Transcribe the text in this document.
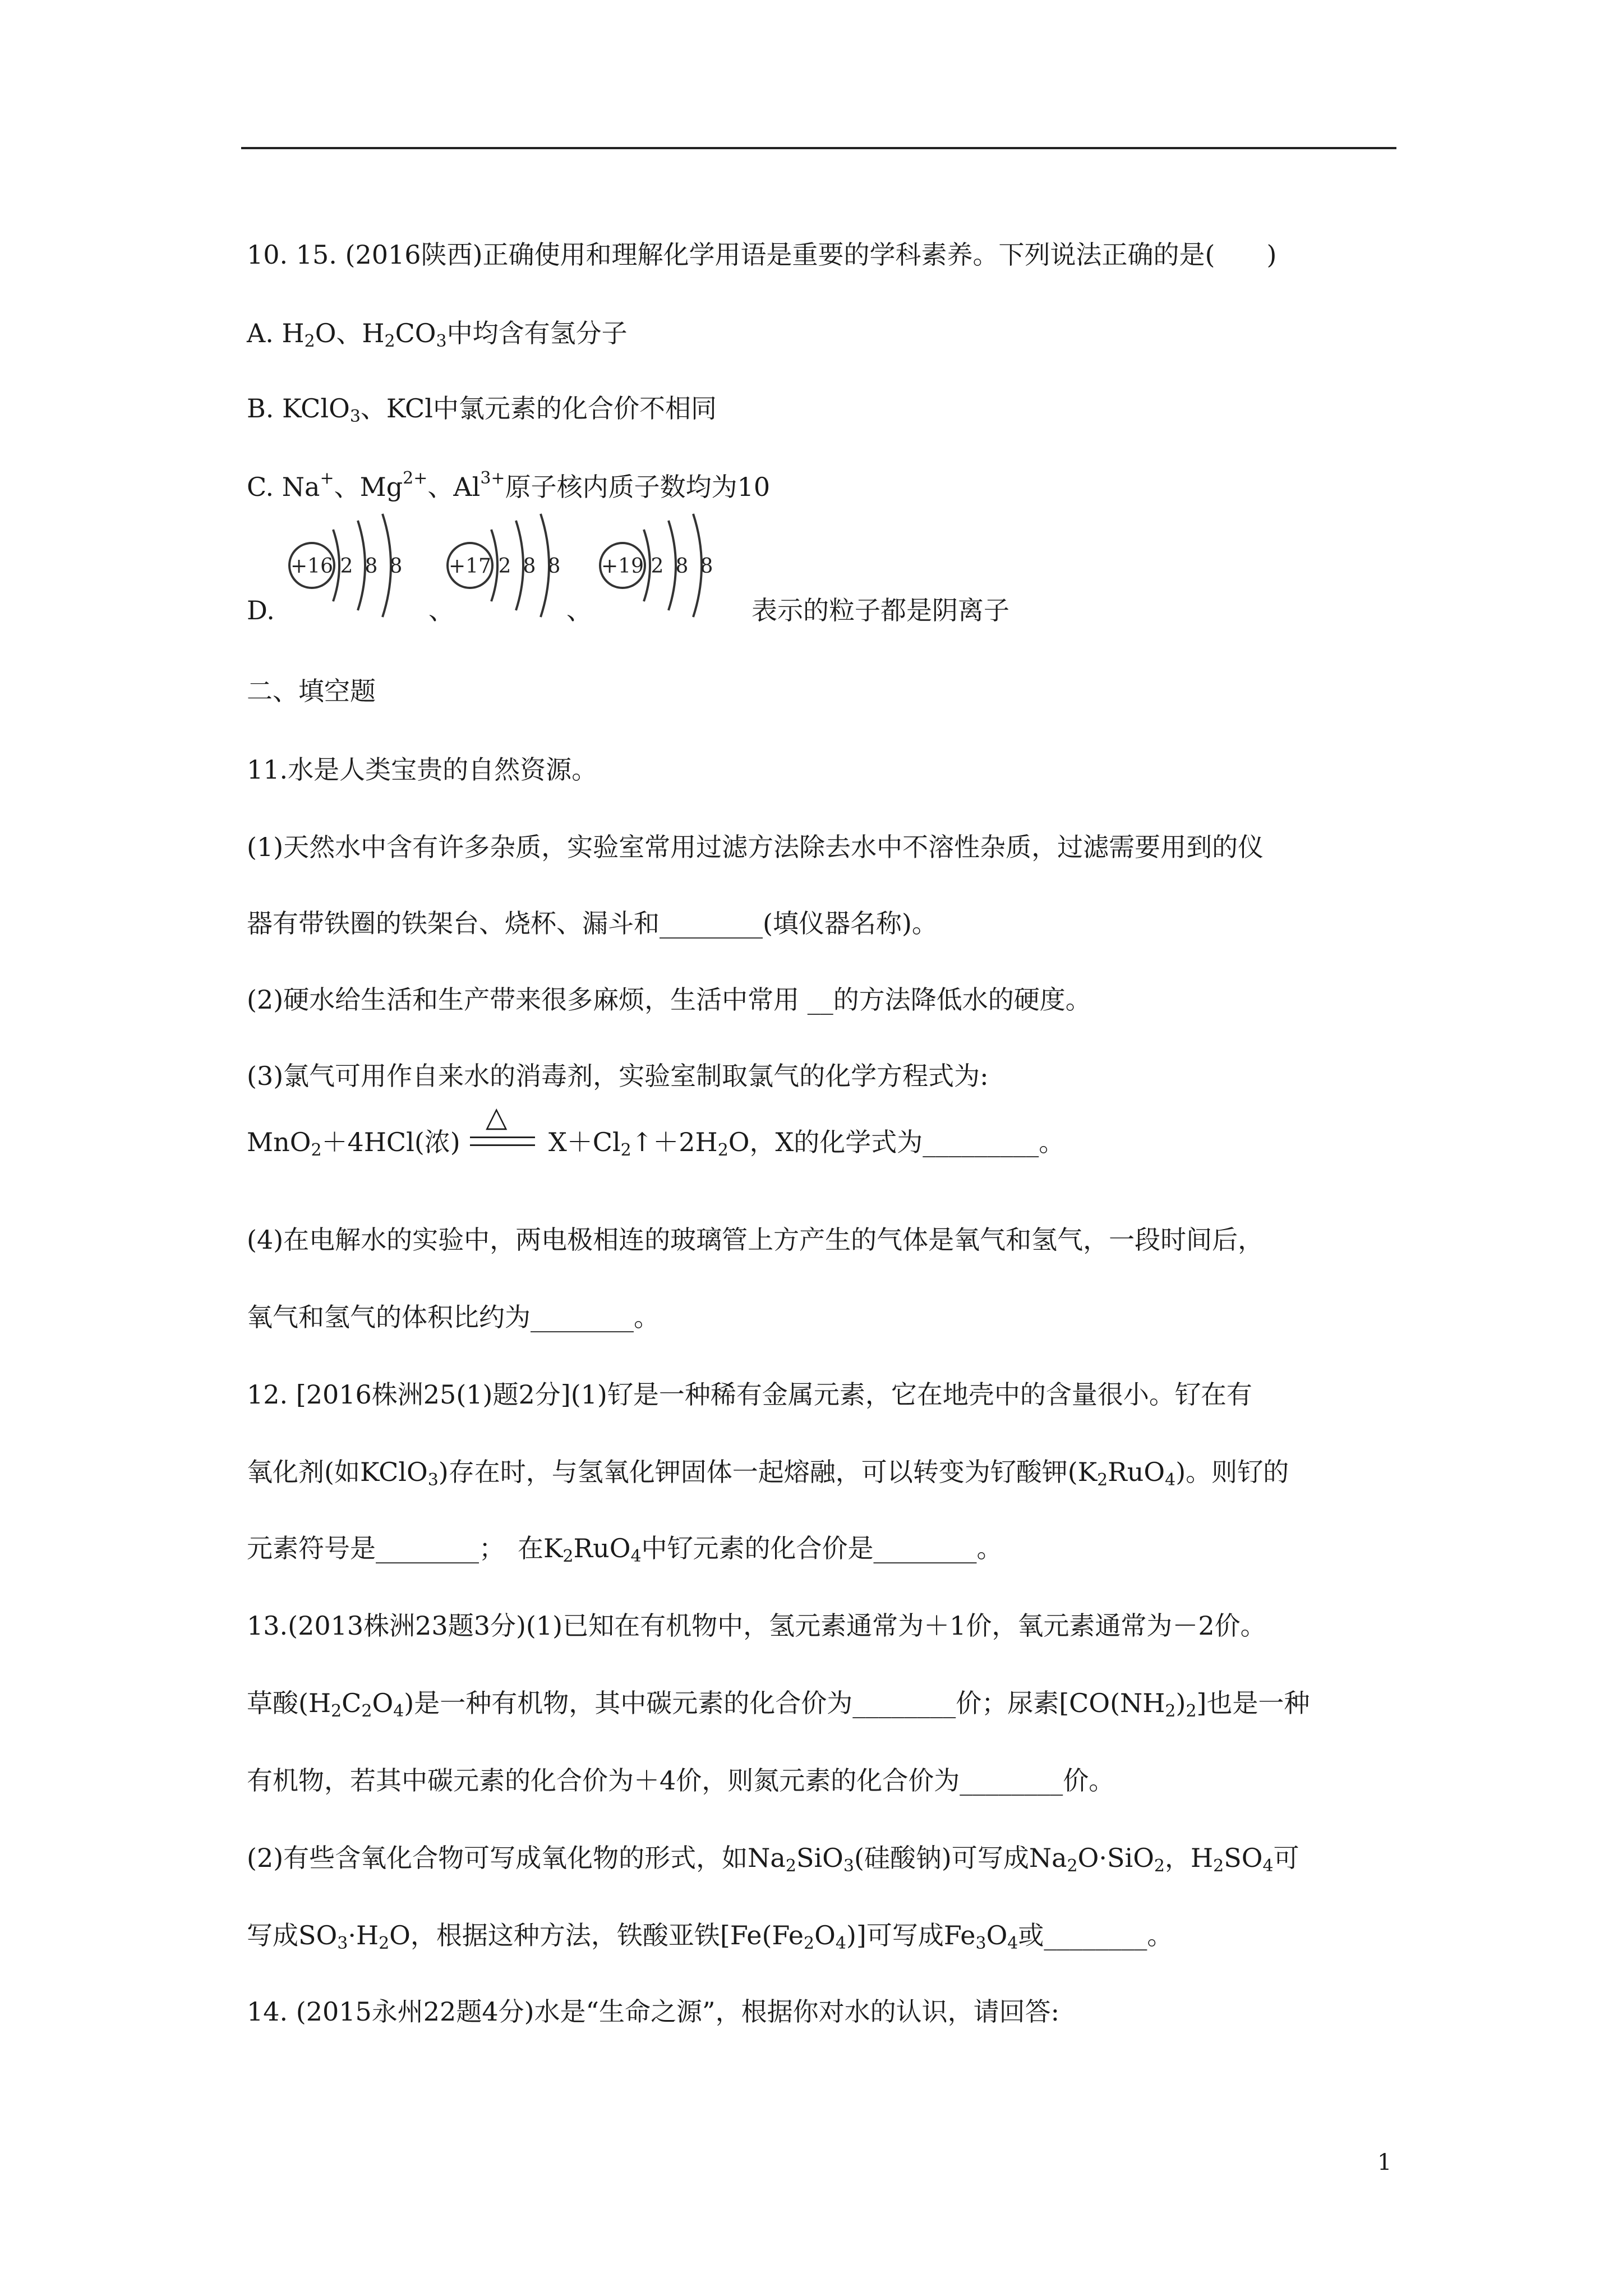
10. 15. (2016陕西)正确使用和理解化学用语是重要的学科素养。下列说法正确的是(　　)
A. $H_2O$、$H_2CO_3$中均含有氢分子
B. KClO$_3$、KCl中氯元素的化合价不相同
C. Na+、$Mg^{2+}$、$Al^{3+}$原子核内质子数均为10
D.
+16 2 8 8
、
+17 2 8 8
、
+19 2 8 8
表示的粒子都是阴离子
二、填空题
11.水是人类宝贵的自然资源。
(1)天然水中含有许多杂质，实验室常用过滤方法除去水中不溶性杂质，过滤需要用到的仪
器有带铁圈的铁架台、烧杯、漏斗和________(填仪器名称)。
(2)硬水给生活和生产带来很多麻烦，生活中常用 __的方法降低水的硬度。
(3)氯气可用作自来水的消毒剂，实验室制取氯气的化学方程式为:
MnO$_2$＋4HCl(浓)
△
$X+Cl_2↑+2H_2O$，X的化学式为_________。
(4)在电解水的实验中，两电极相连的玻璃管上方产生的气体是氧气和氢气，一段时间后，
氧气和氢气的体积比约为________。
12. [2016株洲25(1)题2分](1)钌是一种稀有金属元素，它在地壳中的含量很小。钌在有
氧化剂(如KClO$_3$)存在时，与氢氧化钾固体一起熔融，可以转变为钌酸钾$(K_2RuO_4)$。则钌的
元素符号是________；　在$K_2RuO_4$中钌元素的化合价是________。
13.(2013株洲23题3分)(1)已知在有机物中，氢元素通常为＋1价，氧元素通常为－2价。
草酸$(H_2C_2O_4)$是一种有机物，其中碳元素的化合价为________价；尿素$[CO(NH_2)_2]$也是一种
有机物，若其中碳元素的化合价为＋4价，则氮元素的化合价为________价。
(2)有些含氧化合物可写成氧化物的形式，如$Na_2SiO_3$(硅酸钠)可写成$Na_2O\cdot SiO_2$，$H_2SO_4$可
写成$SO_3\cdot H_2O$，根据这种方法，铁酸亚铁$[Fe(Fe_2O_4)]$可写成$Fe_3O_4$或________。
14. (2015永州22题4分)水是“生命之源”，根据你对水的认识，请回答:
1
